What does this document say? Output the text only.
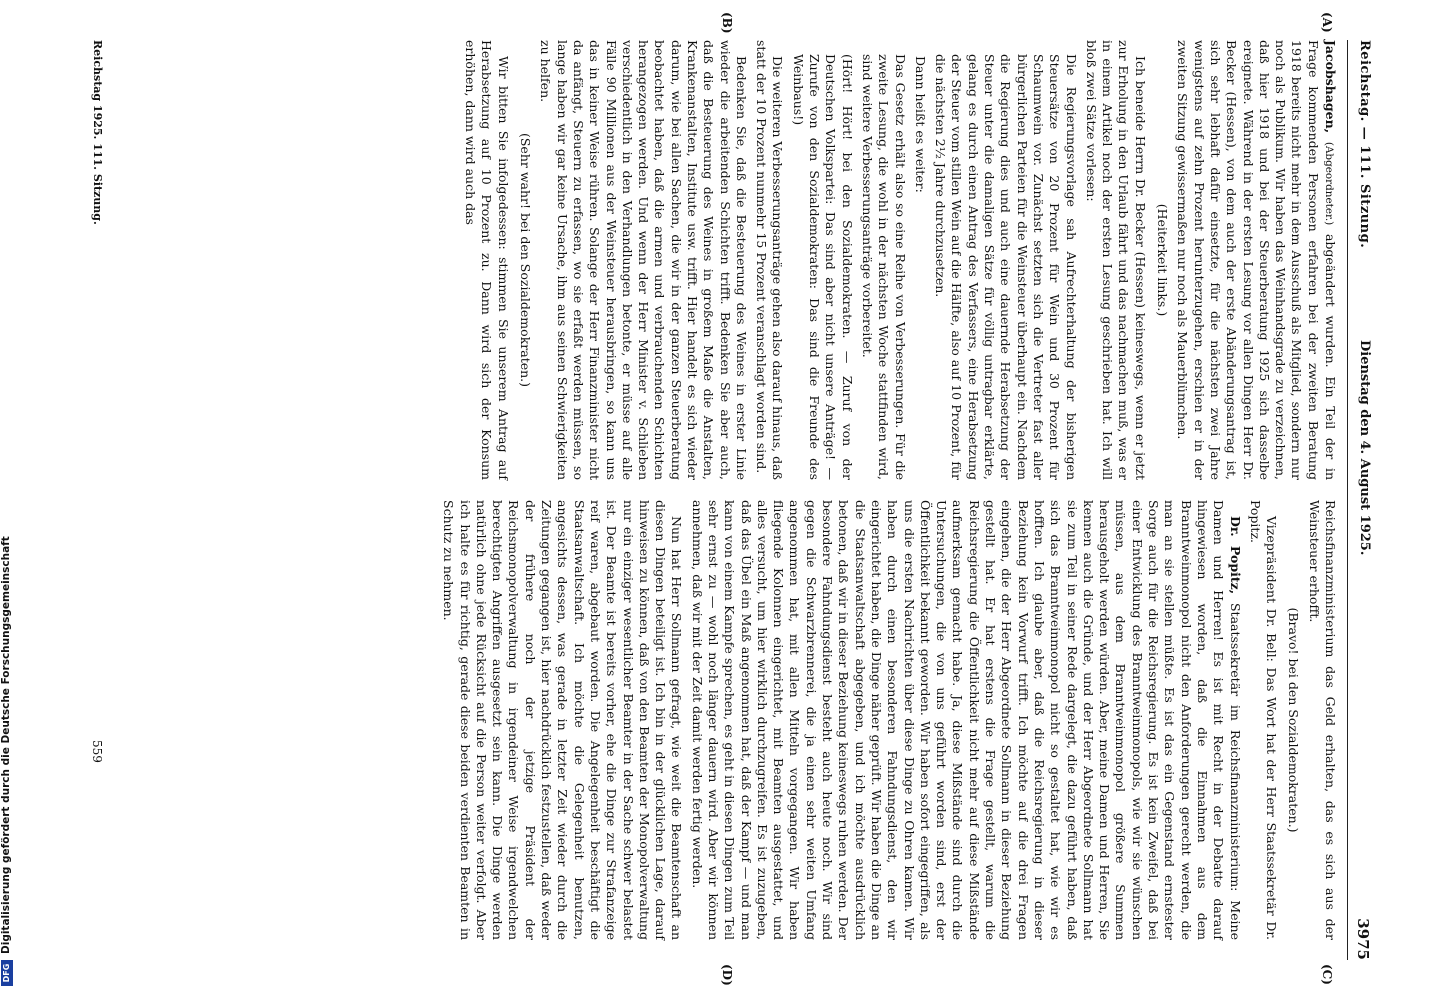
Reichstag. — 111. Sitzung.
Dienstag den 4. August 1925.
3975
(A)
(B)
(C)
(D)

Jacobshagen, (Abgeordneter.) abgeändert wurden. Ein Teil der in Frage kommenden Personen erfahren bei der zweiten Beratung 1918 bereits nicht mehr in dem Ausschuß als Mitglied, sondern nur noch als Publikum. Wir haben das Weinhandsgrade zu verzeichnen, daß hier 1918 und bei der Steuerberatung 1925 sich dasselbe ereignete. Während in der ersten Lesung vor allen Dingen Herr Dr. Becker (Hessen), von dem auch der erste Abänderungsantrag ist, sich sehr lebhaft dafür einsetzte, für die nächsten zwei Jahre wenigstens auf zehn Prozent herunterzugehen, erschien er in der zweiten Sitzung gewissermaßen nur noch als Mauerblümchen.

(Heiterkeit links.)

Ich beneide Herrn Dr. Becker (Hessen) keineswegs, wenn er jetzt zur Erholung in den Urlaub fährt und das nachmachen muß, was er in einem Artikel noch der ersten Lesung geschrieben hat. Ich will bloß zwei Sätze vorlesen:

Die Regierungsvorlage sah Aufrechterhaltung der bisherigen Steuersätze von 20 Prozent für Wein und 30 Prozent für Schaumwein vor. Zunächst setzten sich die Vertreter fast aller bürgerlichen Parteien für die Weinsteuer überhaupt ein. Nachdem die Regierung dies und auch eine dauernde Herabsetzung der Steuer unter die damaligen Sätze für völlig untragbar erklärte, gelang es durch einen Antrag des Verfassers, eine Herabsetzung der Steuer vom stillen Wein auf die Hälfte, also auf 10 Prozent, für die nächsten 2½ Jahre durchzusetzen.

Dann heißt es weiter:

Das Gesetz erhält also so eine Reihe von Verbesserungen. Für die zweite Lesung, die wohl in der nächsten Woche stattfinden wird, sind weitere Verbesserungsanträge vorbereitet.

(Hört! Hört! bei den Sozialdemokraten. — Zuruf von der Deutschen Volkspartei: Das sind aber nicht unsere Anträge! — Zurufe von den Sozialdemokraten: Das sind die Freunde des Weinbaus!)

Die weiteren Verbesserungsanträge gehen also darauf hinaus, daß statt der 10 Prozent nunmehr 15 Prozent veranschlagt worden sind.

Bedenken Sie, daß die Besteuerung des Weines in erster Linie wieder die arbeitenden Schichten trifft. Bedenken Sie aber auch, daß die Besteuerung des Weines in großem Maße die Anstalten, Krankenanstalten, Institute usw. trifft. Hier handelt es sich wieder darum, wie bei allen Sachen, die wir in der ganzen Steuerberatung beobachtet haben, daß die armen und verbrauchenden Schichten herangezogen werden. Und wenn der Herr Minister v. Schlieben verschiedentlich in den Verhandlungen betonte, er müsse auf alle Fälle 90 Millionen aus der Weinsteuer herausbringen, so kann uns das in keiner Weise rühren. Solange der Herr Finanzminister nicht da anfängt, Steuern zu erfassen, wo sie erfaßt werden müssen, so lange haben wir gar keine Ursache, ihm aus seinen Schwierigkeiten zu helfen.

(Sehr wahr! bei den Sozialdemokraten.)

Wir bitten Sie infolgedessen: stimmen Sie unserem Antrag auf Herabsetzung auf 10 Prozent zu. Dann wird sich der Konsum erhöhen, dann wird auch das

Reichsfinanzministerium das Geld erhalten, das es sich aus der Weinsteuer erhofft.

(Bravo! bei den Sozialdemokraten.)

Vizepräsident Dr. Bell: Das Wort hat der Herr Staatssekretär Dr. Popitz.

Dr. Popitz, Staatssekretär im Reichsfinanzministerium: Meine Damen und Herren! Es ist mit Recht in der Debatte darauf hingewiesen worden, daß die Einnahmen aus dem Branntweinmonopol nicht den Anforderungen gerecht werden, die man an sie stellen müßte. Es ist das ein Gegenstand ernstester Sorge auch für die Reichsregierung. Es ist kein Zweifel, daß bei einer Entwicklung des Branntweinmonopols, wie wir sie wünschen müssen, aus dem Branntweinmonopol größere Summen herausgeholt werden würden. Aber, meine Damen und Herren, Sie kennen auch die Gründe, und der Herr Abgeordnete Sollmann hat sie zum Teil in seiner Rede dargelegt, die dazu geführt haben, daß sich das Branntweinmonopol nicht so gestaltet hat, wie wir es hofften. Ich glaube aber, daß die Reichsregierung in dieser Beziehung kein Vorwurf trifft. Ich möchte auf die drei Fragen eingehen, die der Herr Abgeordnete Sollmann in dieser Beziehung gestellt hat. Er hat erstens die Frage gestellt, warum die Reichsregierung die Öffentlichkeit nicht mehr auf diese Mißstände aufmerksam gemacht habe. Ja, diese Mißstände sind durch die Untersuchungen, die von uns geführt worden sind, erst der Öffentlichkeit bekannt geworden. Wir haben sofort eingegriffen, als uns die ersten Nachrichten über diese Dinge zu Ohren kamen. Wir haben durch einen besonderen Fahndungsdienst, den wir eingerichtet haben, die Dinge näher geprüft. Wir haben die Dinge an die Staatsanwaltschaft abgegeben, und ich möchte ausdrücklich betonen, daß wir in dieser Beziehung keineswegs ruhen werden. Der besondere Fahndungsdienst besteht auch heute noch. Wir sind gegen die Schwarzbrennerei, die ja einen sehr weiten Umfang angenommen hat, mit allen Mitteln vorgegangen. Wir haben fliegende Kolonnen eingerichtet, mit Beamten ausgestattet, und alles versucht, um hier wirklich durchzugreifen. Es ist zuzugeben, daß das Übel ein Maß angenommen hat, daß der Kampf — und man kann von einem Kampfe sprechen, es geht in diesen Dingen zum Teil sehr ernst zu — wohl noch länger dauern wird. Aber wir können annehmen, daß wir mit der Zeit damit werden fertig werden.

Nun hat Herr Sollmann gefragt, wie weit die Beamtenschaft an diesen Dingen beteiligt ist. Ich bin in der glücklichen Lage, darauf hinweisen zu können, daß von den Beamten der Monopolverwaltung nur ein einziger wesentlicher Beamter in der Sache schwer belastet ist. Der Beamte ist bereits vorher, ehe die Dinge zur Strafanzeige reif waren, abgebaut worden. Die Angelegenheit beschäftigt die Staatsanwaltschaft. Ich möchte die Gelegenheit benutzen, angesichts dessen, was gerade in letzter Zeit wieder durch die Zeitungen gegangen ist, hier nachdrücklich festzustellen, daß weder der frühere noch der jetzige Präsident der Reichsmonopolverwaltung in irgendeiner Weise irgendwelchen berechtigten Angriffen ausgesetzt sein kann. Die Dinge werden natürlich ohne jede Rücksicht auf die Person weiter verfolgt. Aber ich halte es für richtig, gerade diese beiden verdienten Beamten in Schutz zu nehmen.

Reichstag 1925. 111. Sitzung.
559
DFG
Digitalisierung gefördert durch die Deutsche Forschungsgemeinschaft
